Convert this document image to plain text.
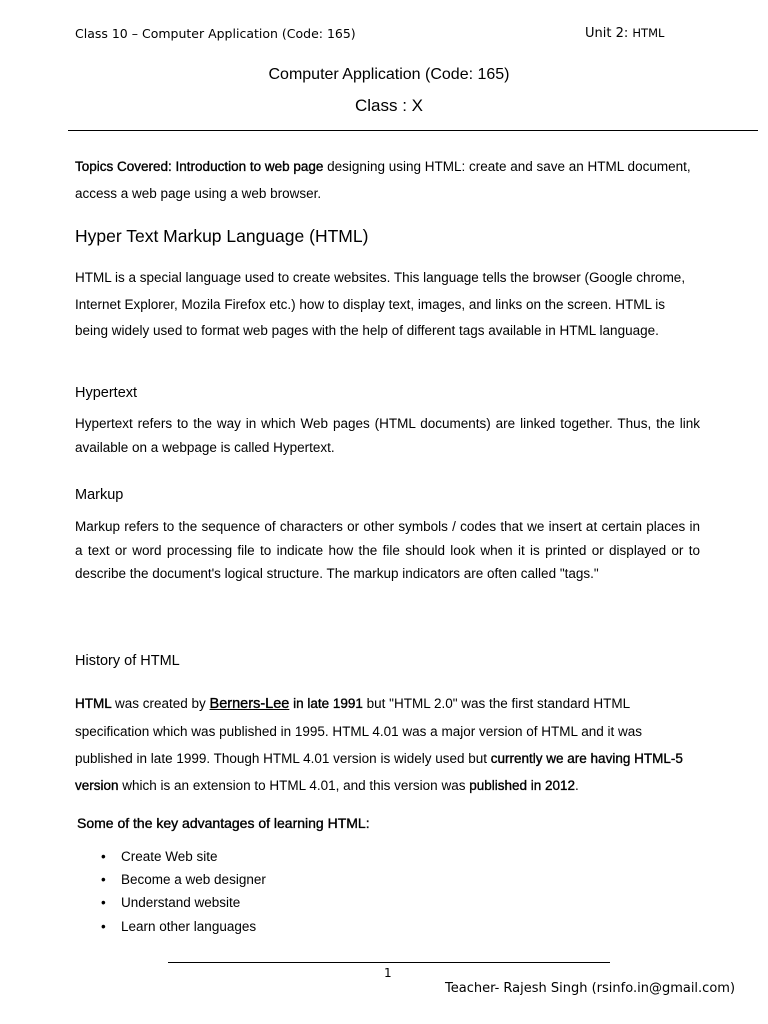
Class 10 – Computer Application (Code: 165)	Unit 2: HTML
Computer Application (Code: 165)
Class : X
Topics Covered: Introduction to web page designing using HTML: create and save an HTML document, access a web page using a web browser.
Hyper Text Markup Language (HTML)
HTML is a special language used to create websites. This language tells the browser (Google chrome, Internet Explorer, Mozila Firefox etc.) how to display text, images, and links on the screen. HTML is being widely used to format web pages with the help of different tags available in HTML language.
Hypertext
Hypertext refers to the way in which Web pages (HTML documents) are linked together. Thus, the link available on a webpage is called Hypertext.
Markup
Markup refers to the sequence of characters or other symbols / codes that we insert at certain places in a text or word processing file to indicate how the file should look when it is printed or displayed or to describe the document's logical structure. The markup indicators are often called "tags."
History of HTML
HTML was created by Berners-Lee in late 1991 but "HTML 2.0" was the first standard HTML specification which was published in 1995. HTML 4.01 was a major version of HTML and it was published in late 1999. Though HTML 4.01 version is widely used but currently we are having HTML-5 version which is an extension to HTML 4.01, and this version was published in 2012.
Some of the key advantages of learning HTML:
• Create Web site
• Become a web designer
• Understand website
• Learn other languages
1
Teacher- Rajesh Singh (rsinfo.in@gmail.com)
